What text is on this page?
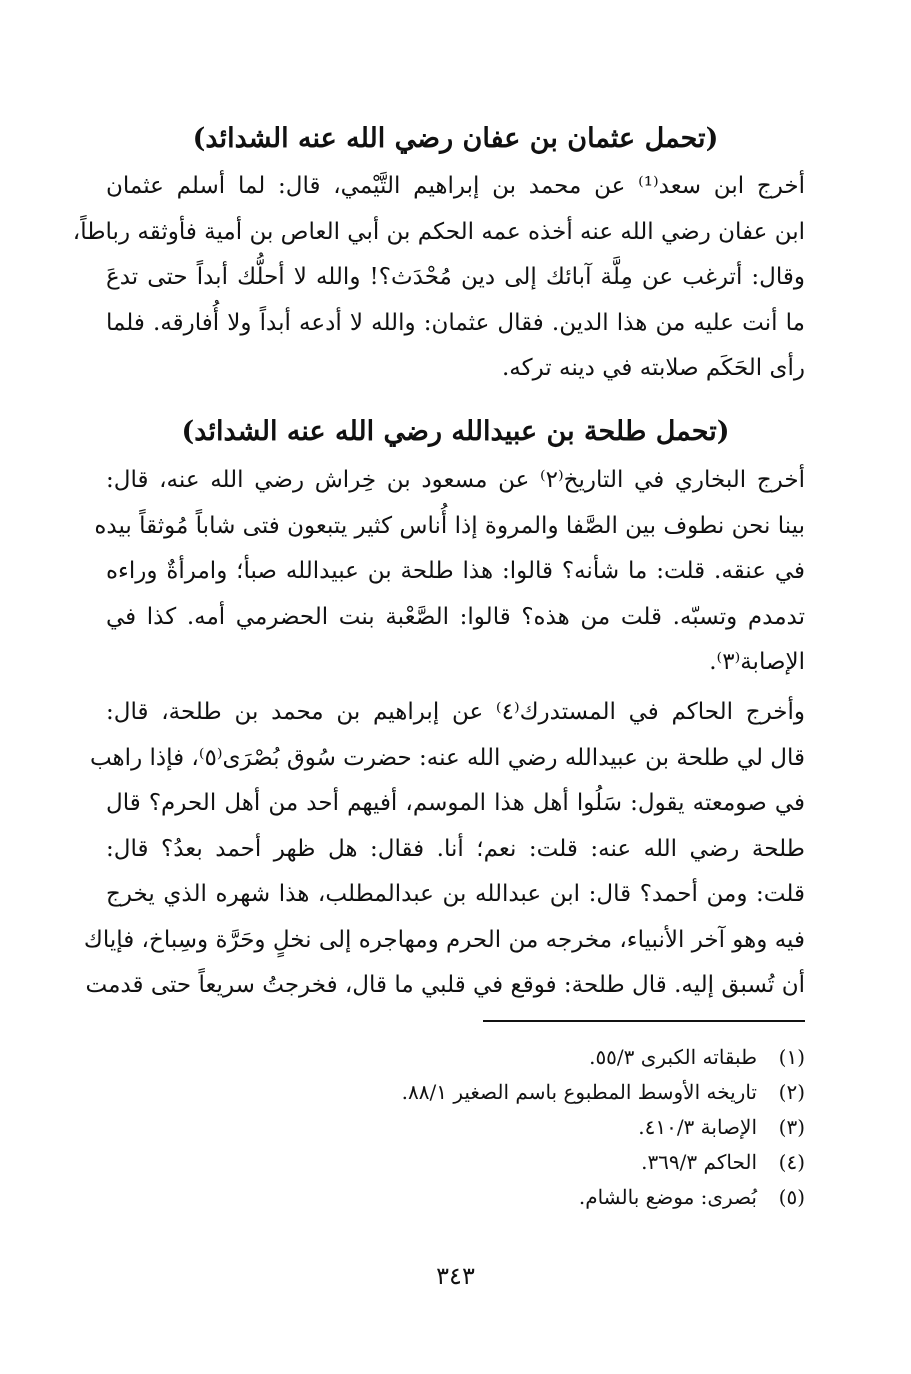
(تحمل عثمان بن عفان رضي الله عنه الشدائد)
أخرج ابن سعد⁽¹⁾ عن محمد بن إبراهيم التَّيْمي، قال: لما أسلم عثمان
ابن عفان رضي الله عنه أخذه عمه الحكم بن أبي العاص بن أمية فأوثقه رباطاً،
وقال: أترغب عن مِلَّة آبائك إلى دين مُحْدَث؟! والله لا أحلُّك أبداً حتى تدعَ
ما أنت عليه من هذا الدين. فقال عثمان: والله لا أدعه أبداً ولا أُفارقه. فلما
رأى الحَكَم صلابته في دينه تركه.
(تحمل طلحة بن عبيدالله رضي الله عنه الشدائد)
أخرج البخاري في التاريخ⁽٢⁾ عن مسعود بن خِراش رضي الله عنه، قال:
بينا نحن نطوف بين الصَّفا والمروة إذا أُناس كثير يتبعون فتى شاباً مُوثقاً بيده
في عنقه. قلت: ما شأنه؟ قالوا: هذا طلحة بن عبيدالله صبأ؛ وامرأةٌ وراءه
تدمدم وتسبّه. قلت من هذه؟ قالوا: الصَّعْبة بنت الحضرمي أمه. كذا في
الإصابة⁽٣⁾.
وأخرج الحاكم في المستدرك⁽٤⁾ عن إبراهيم بن محمد بن طلحة، قال:
قال لي طلحة بن عبيدالله رضي الله عنه: حضرت سُوق بُصْرَى⁽٥⁾، فإذا راهب
في صومعته يقول: سَلُوا أهل هذا الموسم، أفيهم أحد من أهل الحرم؟ قال
طلحة رضي الله عنه: قلت: نعم؛ أنا. فقال: هل ظهر أحمد بعدُ؟ قال:
قلت: ومن أحمد؟ قال: ابن عبدالله بن عبدالمطلب، هذا شهره الذي يخرج
فيه وهو آخر الأنبياء، مخرجه من الحرم ومهاجره إلى نخلٍ وحَرَّة وسِباخ، فإياك
أن تُسبق إليه. قال طلحة: فوقع في قلبي ما قال، فخرجتُ سريعاً حتى قدمت
(١)
طبقاته الكبرى ٥٥/٣.
(٢)
تاريخه الأوسط المطبوع باسم الصغير ٨٨/١.
(٣)
الإصابة ٤١٠/٣.
(٤)
الحاكم ٣٦٩/٣.
(٥)
بُصرى: موضع بالشام.
٣٤٣
